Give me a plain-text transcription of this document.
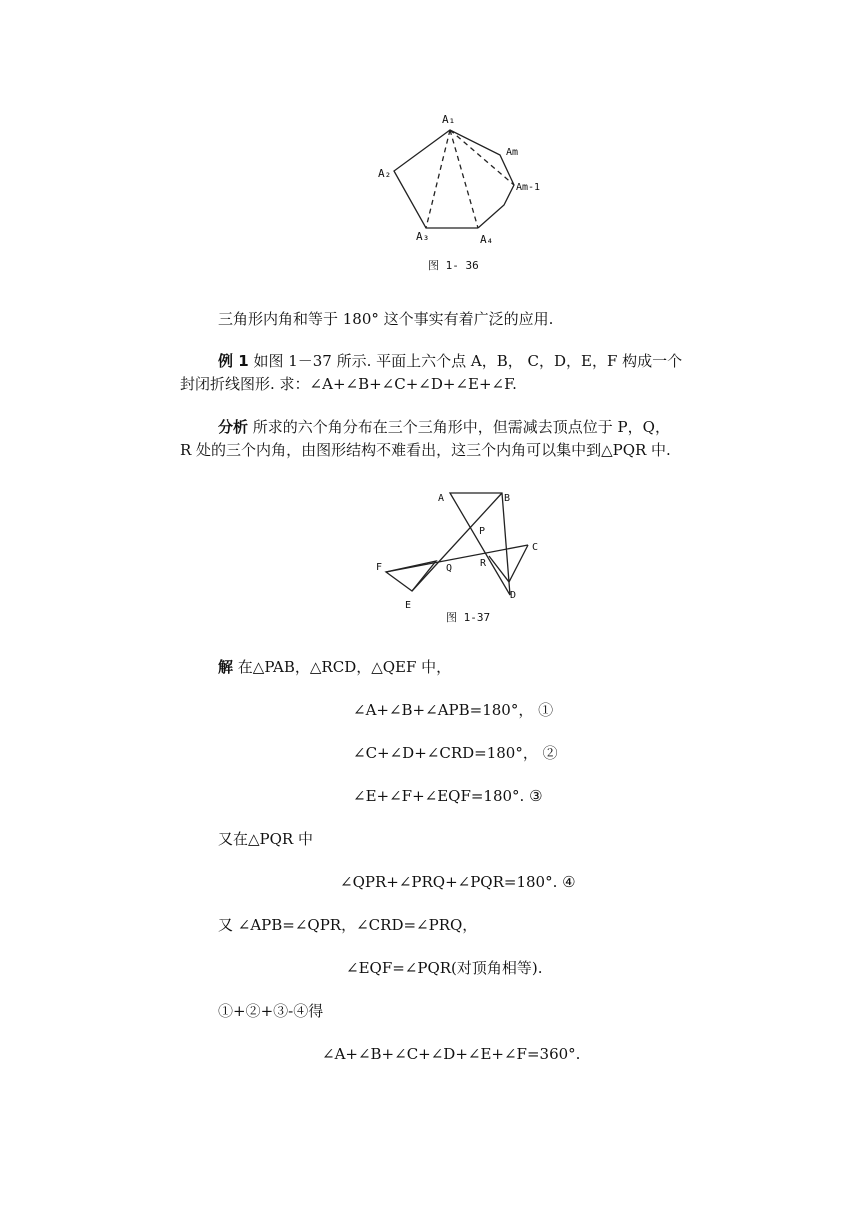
A₁
A₂
A₃	A₄
Am
Am-1
图 1- 36
三角形内角和等于 180° 这个事实有着广泛的应用.
例 1 如图 1－37 所示. 平面上六个点 A，B， C，D，E，F 构成一个
封闭折线图形. 求：∠A+∠B+∠C+∠D+∠E+∠F.
分析 所求的六个角分布在三个三角形中，但需减去顶点位于 P，Q，
R 处的三个内角，由图形结构不难看出，这三个内角可以集中到△PQR 中.
A	B
C
D
E
F
P
Q	R
图 1-37
解 在△PAB，△RCD，△QEF 中，
∠A+∠B+∠APB=180°， ①
∠C+∠D+∠CRD=180°， ②
∠E+∠F+∠EQF=180°. ③
又在△PQR 中
∠QPR+∠PRQ+∠PQR=180°. ④
又 ∠APB=∠QPR，∠CRD=∠PRQ，
∠EQF=∠PQR(对顶角相等).
①+②+③-④得
∠A+∠B+∠C+∠D+∠E+∠F=360°.
